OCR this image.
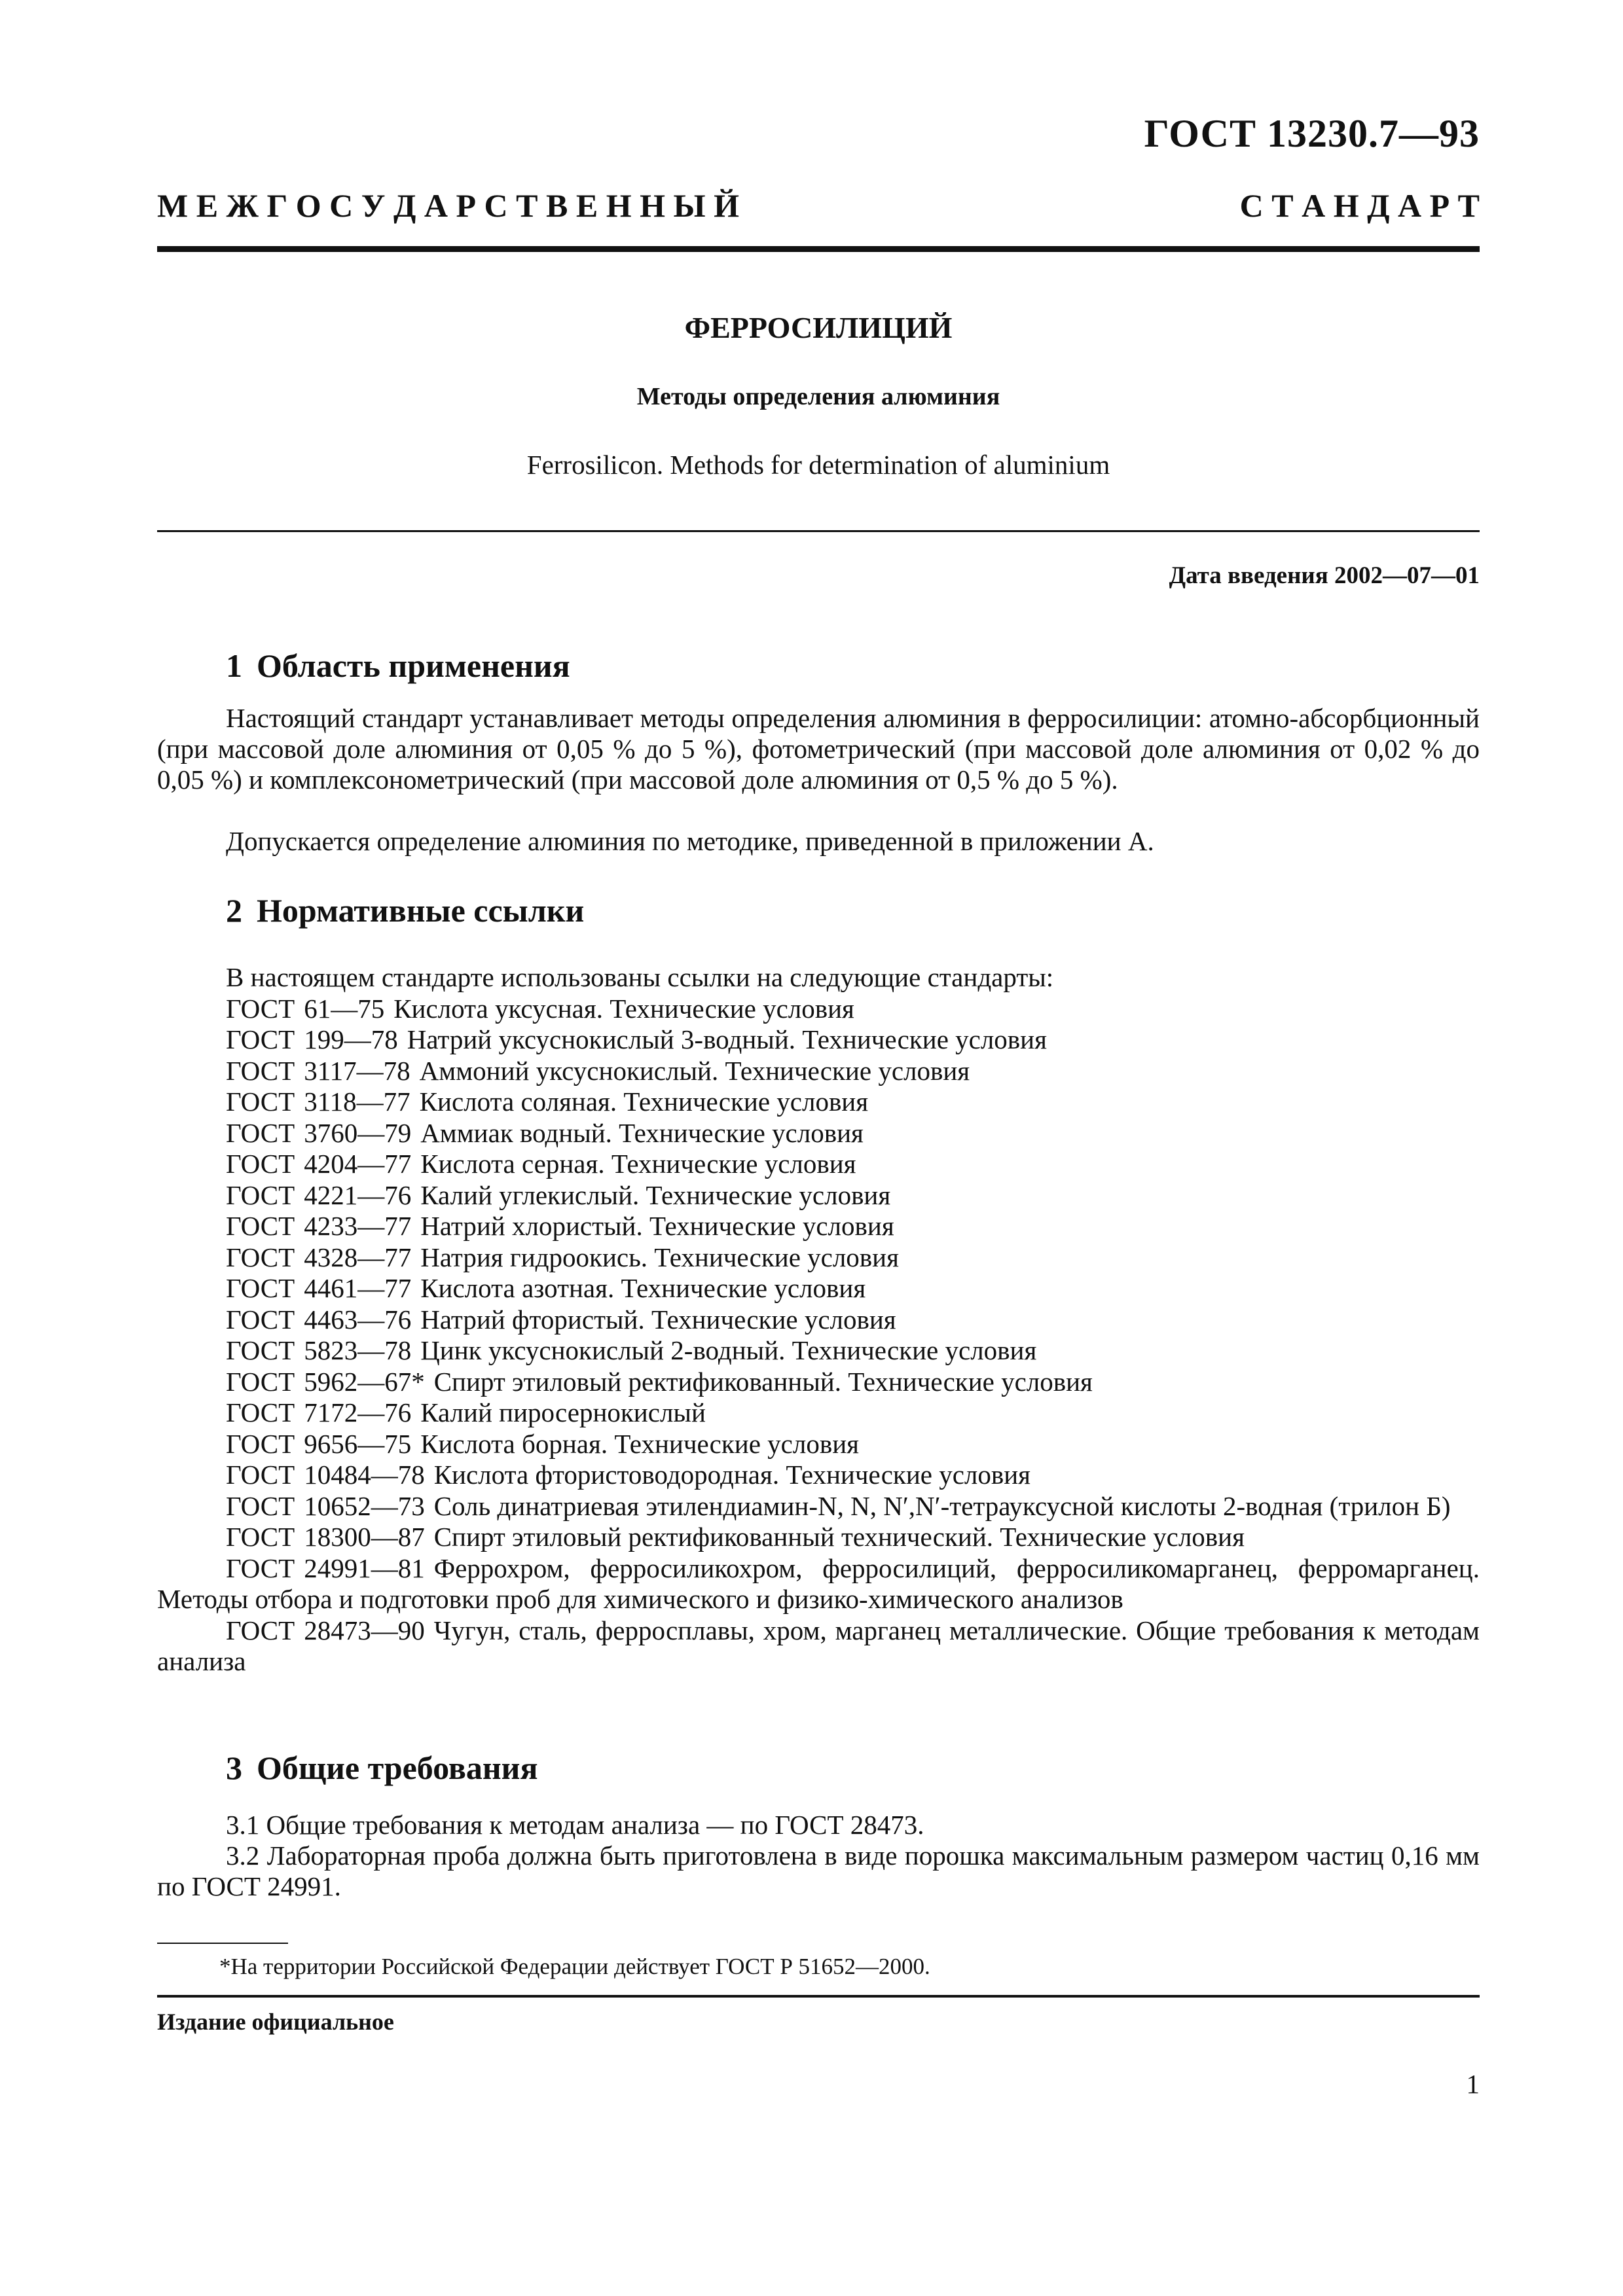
ГОСТ 13230.7—93
М Е Ж Г О С У Д А Р С Т В Е Н Н Ы Й	С Т А Н Д А Р Т
ФЕРРОСИЛИЦИЙ
Методы определения алюминия
Ferrosilicon. Methods for determination of aluminium
Дата введения 2002—07—01
1 Область применения
Настоящий стандарт устанавливает методы определения алюминия в ферросилиции: атомно-абсорбционный (при массовой доле алюминия от 0,05 % до 5 %), фотометрический (при массовой доле алюминия от 0,02 % до 0,05 %) и комплексонометрический (при массовой доле алюминия от 0,5 % до 5 %).
Допускается определение алюминия по методике, приведенной в приложении А.
2 Нормативные ссылки
В настоящем стандарте использованы ссылки на следующие стандарты:
ГОСТ 61—75 Кислота уксусная. Технические условия
ГОСТ 199—78 Натрий уксуснокислый 3-водный. Технические условия
ГОСТ 3117—78 Аммоний уксуснокислый. Технические условия
ГОСТ 3118—77 Кислота соляная. Технические условия
ГОСТ 3760—79 Аммиак водный. Технические условия
ГОСТ 4204—77 Кислота серная. Технические условия
ГОСТ 4221—76 Калий углекислый. Технические условия
ГОСТ 4233—77 Натрий хлористый. Технические условия
ГОСТ 4328—77 Натрия гидроокись. Технические условия
ГОСТ 4461—77 Кислота азотная. Технические условия
ГОСТ 4463—76 Натрий фтористый. Технические условия
ГОСТ 5823—78 Цинк уксуснокислый 2-водный. Технические условия
ГОСТ 5962—67* Спирт этиловый ректификованный. Технические условия
ГОСТ 7172—76 Калий пиросернокислый
ГОСТ 9656—75 Кислота борная. Технические условия
ГОСТ 10484—78 Кислота фтористоводородная. Технические условия
ГОСТ 10652—73 Соль динатриевая этилендиамин-N, N, N′,N′-тетрауксусной кислоты 2-водная (трилон Б)
ГОСТ 18300—87 Спирт этиловый ректификованный технический. Технические условия
ГОСТ 24991—81 Феррохром, ферросиликохром, ферросилиций, ферросиликомарганец, ферромарганец. Методы отбора и подготовки проб для химического и физико-химического анализов
ГОСТ 28473—90 Чугун, сталь, ферросплавы, хром, марганец металлические. Общие требования к методам анализа
3 Общие требования
3.1 Общие требования к методам анализа — по ГОСТ 28473.
3.2 Лабораторная проба должна быть приготовлена в виде порошка максимальным размером частиц 0,16 мм по ГОСТ 24991.
*На территории Российской Федерации действует ГОСТ Р 51652—2000.
Издание официальное
1
